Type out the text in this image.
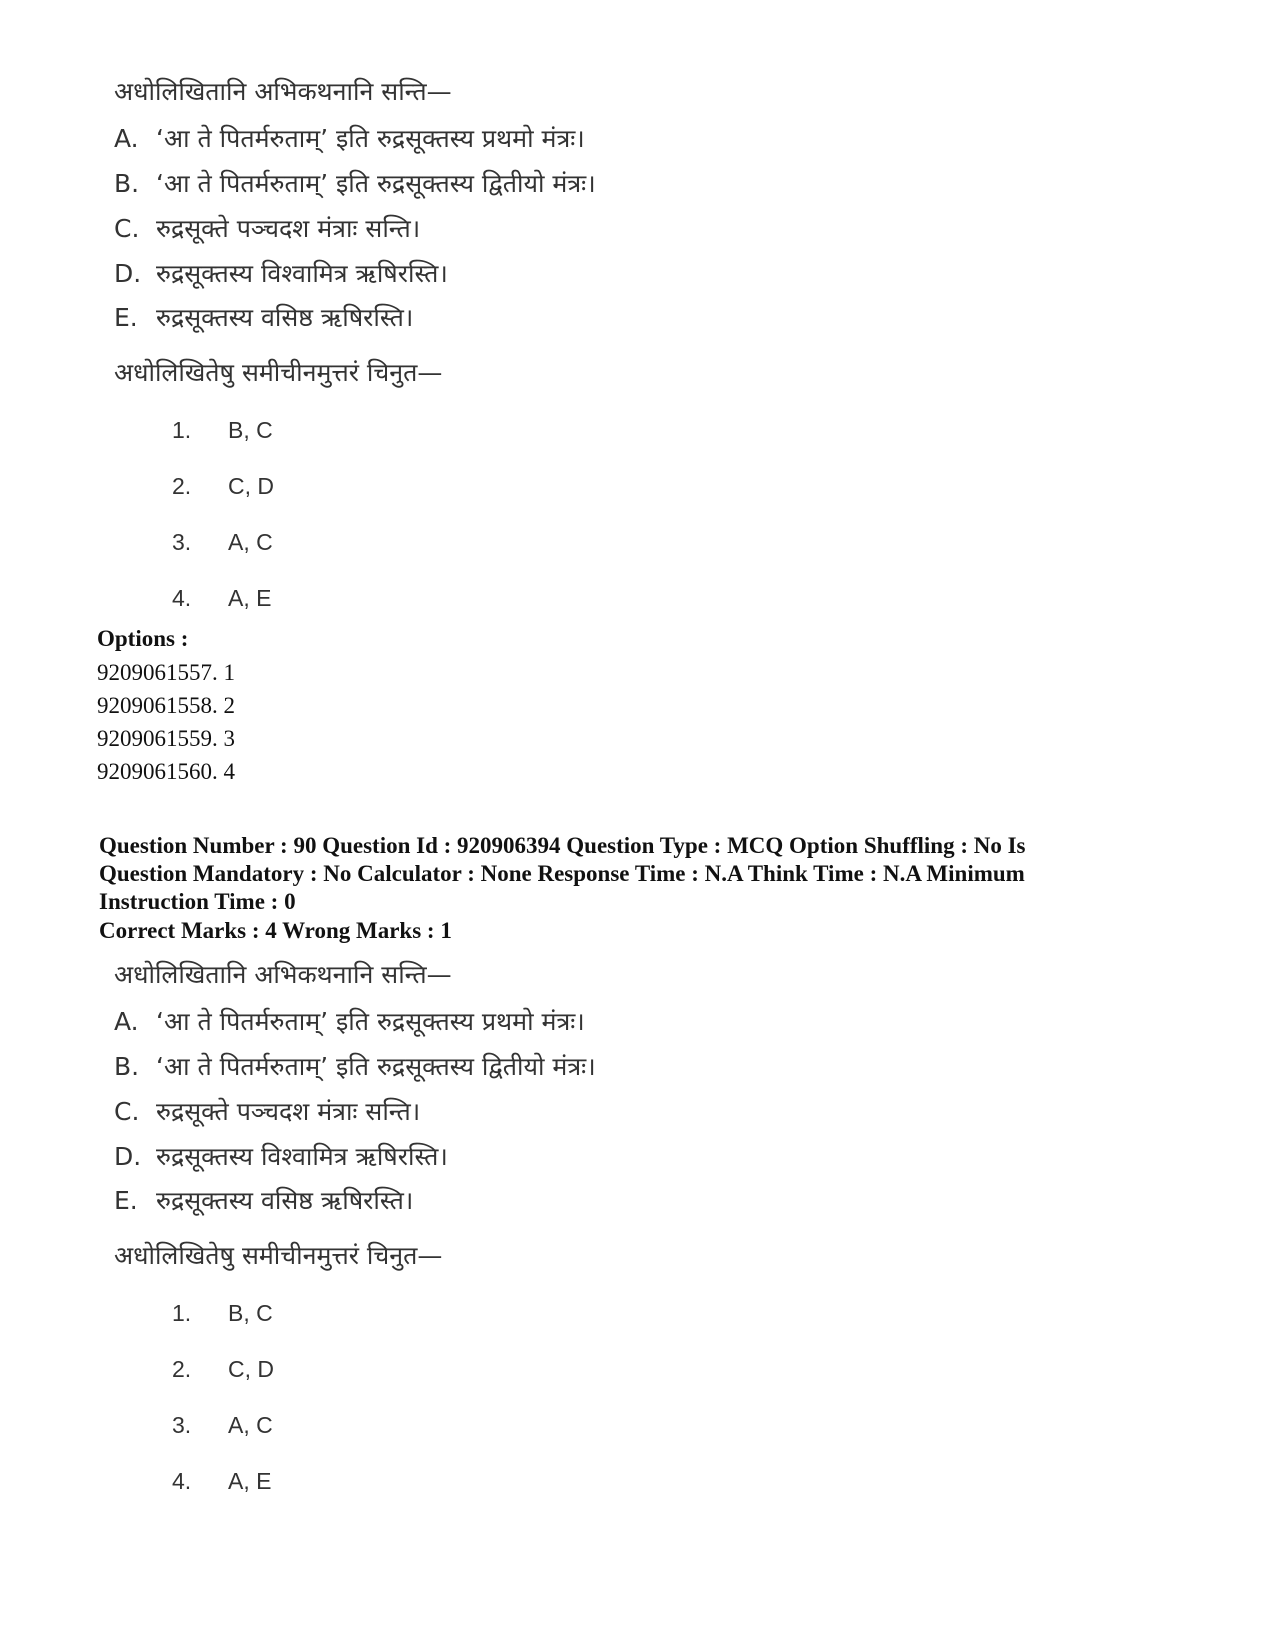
अधोलिखितानि अभिकथनानि सन्ति—
A. ‘आ ते पितर्मरुताम्’ इति रुद्रसूक्तस्य प्रथमो मंत्रः।
B. ‘आ ते पितर्मरुताम्’ इति रुद्रसूक्तस्य द्वितीयो मंत्रः।
C. रुद्रसूक्ते पञ्चदश मंत्राः सन्ति।
D. रुद्रसूक्तस्य विश्वामित्र ऋषिरस्ति।
E. रुद्रसूक्तस्य वसिष्ठ ऋषिरस्ति।
अधोलिखितेषु समीचीनमुत्तरं चिनुत—
1. B, C
2. C, D
3. A, C
4. A, E
Options :
9209061557. 1
9209061558. 2
9209061559. 3
9209061560. 4
Question Number : 90 Question Id : 920906394 Question Type : MCQ Option Shuffling : No Is
Question Mandatory : No Calculator : None Response Time : N.A Think Time : N.A Minimum
Instruction Time : 0
Correct Marks : 4 Wrong Marks : 1
अधोलिखितानि अभिकथनानि सन्ति—
A. ‘आ ते पितर्मरुताम्’ इति रुद्रसूक्तस्य प्रथमो मंत्रः।
B. ‘आ ते पितर्मरुताम्’ इति रुद्रसूक्तस्य द्वितीयो मंत्रः।
C. रुद्रसूक्ते पञ्चदश मंत्राः सन्ति।
D. रुद्रसूक्तस्य विश्वामित्र ऋषिरस्ति।
E. रुद्रसूक्तस्य वसिष्ठ ऋषिरस्ति।
अधोलिखितेषु समीचीनमुत्तरं चिनुत—
1. B, C
2. C, D
3. A, C
4. A, E
